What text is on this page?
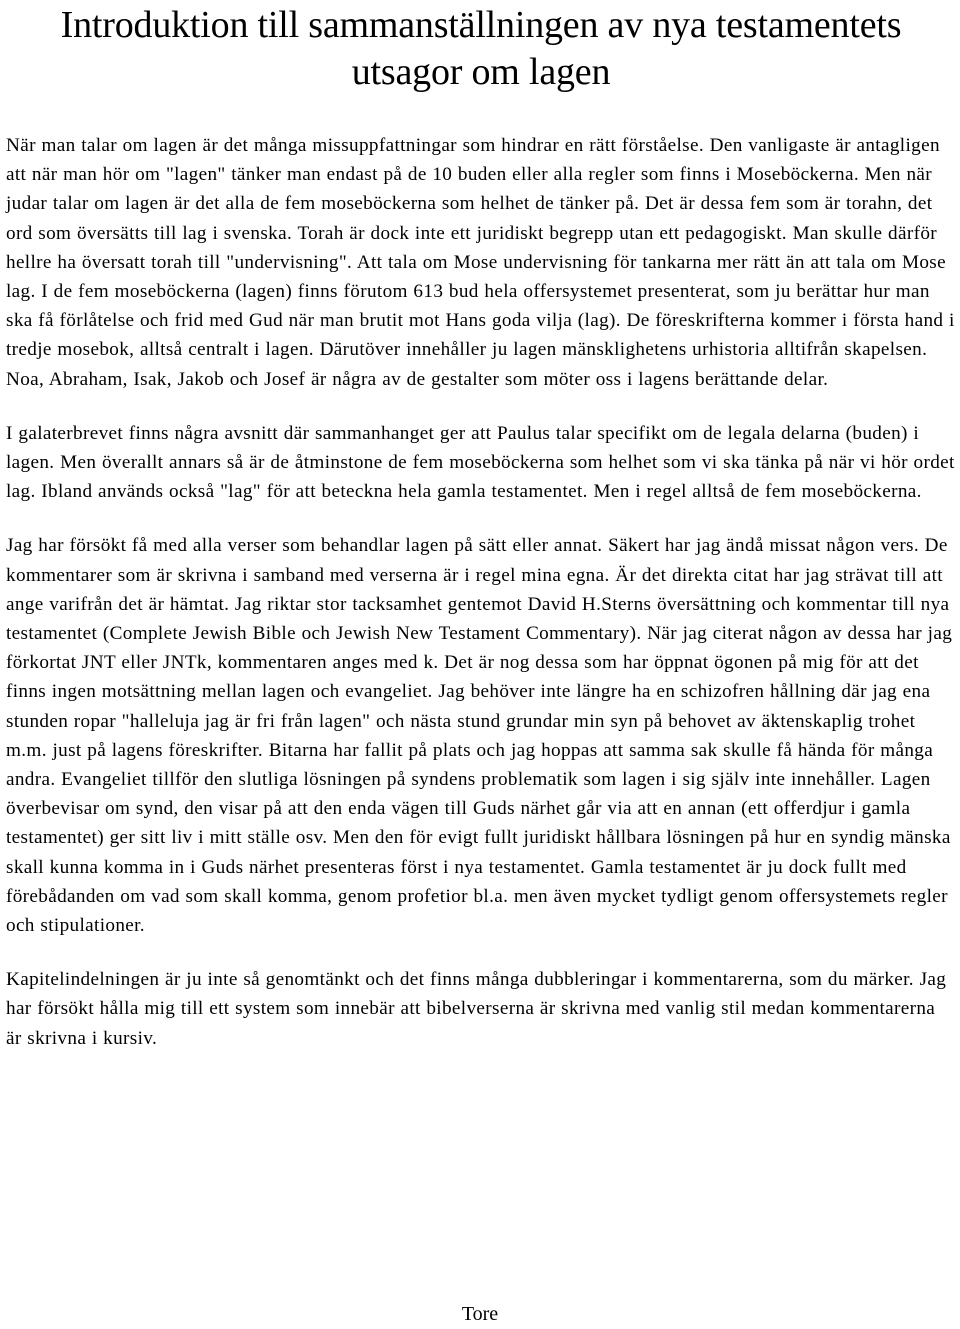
Introduktion till sammanställningen av nya testamentets utsagor om lagen

När man talar om lagen är det många missuppfattningar som hindrar en rätt förståelse. Den vanligaste är antagligen att när man hör om "lagen" tänker man endast på de 10 buden eller alla regler som finns i Moseböckerna. Men när judar talar om lagen är det alla de fem moseböckerna som helhet de tänker på. Det är dessa fem som är torahn, det ord som översätts till lag i svenska. Torah är dock inte ett juridiskt begrepp utan ett pedagogiskt. Man skulle därför hellre ha översatt torah till "undervisning". Att tala om Mose undervisning för tankarna mer rätt än att tala om Mose lag. I de fem moseböckerna (lagen) finns förutom 613 bud hela offersystemet presenterat, som ju berättar hur man ska få förlåtelse och frid med Gud när man brutit mot Hans goda vilja (lag). De föreskrifterna kommer i första hand i tredje mosebok, alltså centralt i lagen. Därutöver innehåller ju lagen mänsklighetens urhistoria alltifrån skapelsen. Noa, Abraham, Isak, Jakob och Josef är några av de gestalter som möter oss i lagens berättande delar.

I galaterbrevet finns några avsnitt där sammanhanget ger att Paulus talar specifikt om de legala delarna (buden) i lagen. Men överallt annars så är de åtminstone de fem moseböckerna som helhet som vi ska tänka på när vi hör ordet lag. Ibland används också "lag" för att beteckna hela gamla testamentet. Men i regel alltså de fem moseböckerna.

Jag har försökt få med alla verser som behandlar lagen på sätt eller annat. Säkert har jag ändå missat någon vers. De kommentarer som är skrivna i samband med verserna är i regel mina egna. Är det direkta citat har jag strävat till att ange varifrån det är hämtat. Jag riktar stor tacksamhet gentemot David H.Sterns översättning och kommentar till nya testamentet (Complete Jewish Bible och Jewish New Testament Commentary). När jag citerat någon av dessa har jag förkortat JNT eller JNTk, kommentaren anges med k. Det är nog dessa som har öppnat ögonen på mig för att det finns ingen motsättning mellan lagen och evangeliet. Jag behöver inte längre ha en schizofren hållning där jag ena stunden ropar "halleluja jag är fri från lagen" och nästa stund grundar min syn på behovet av äktenskaplig trohet m.m. just på lagens föreskrifter. Bitarna har fallit på plats och jag hoppas att samma sak skulle få hända för många andra. Evangeliet tillför den slutliga lösningen på syndens problematik som lagen i sig själv inte innehåller. Lagen överbevisar om synd, den visar på att den enda vägen till Guds närhet går via att en annan (ett offerdjur i gamla testamentet) ger sitt liv i mitt ställe osv. Men den för evigt fullt juridiskt hållbara lösningen på hur en syndig mänska skall kunna komma in i Guds närhet presenteras först i nya testamentet. Gamla testamentet är ju dock fullt med förebådanden om vad som skall komma, genom profetior bl.a. men även mycket tydligt genom offersystemets regler och stipulationer.

Kapitelindelningen är ju inte så genomtänkt och det finns många dubbleringar i kommentarerna, som du märker. Jag har försökt hålla mig till ett system som innebär att bibelverserna är skrivna med vanlig stil medan kommentarerna är skrivna i kursiv.

Tore
